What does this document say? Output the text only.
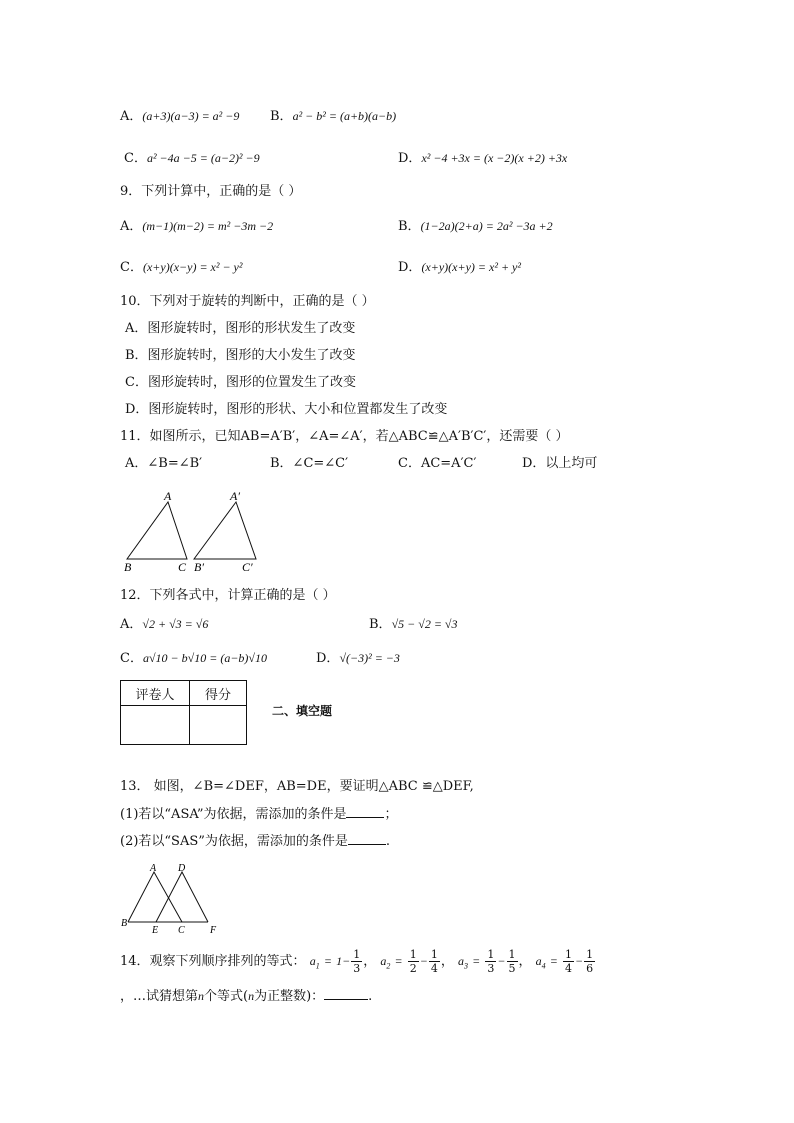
A．(a+3)(a−3) = a² −9 B．a² − b² = (a+b)(a−b)
C．a² −4a −5 = (a−2)² −9	D．x² −4 +3x = (x −2)(x +2) +3x
9．下列计算中，正确的是（ ）
A．(m−1)(m−2) = m² −3m −2	B．(1−2a)(2+a) = 2a² −3a +2
C．(x+y)(x−y) = x² − y²	D．(x+y)(x+y) = x² + y²
10．下列对于旋转的判断中，正确的是（ ）
A．图形旋转时，图形的形状发生了改变
B．图形旋转时，图形的大小发生了改变
C．图形旋转时，图形的位置发生了改变
D．图形旋转时，图形的形状、大小和位置都发生了改变
11．如图所示，已知AB=A′B′，∠A=∠A′，若△ABC≌△A′B′C′，还需要（ ）
A．∠B=∠B′	B．∠C=∠C′	C．AC=A′C′	D．以上均可
A
B	C
A′
B′	C′
12．下列各式中，计算正确的是（ ）
A．√2 + √3 = √6	B．√5 − √2 = √3
C．a√10 − b√10 = (a−b)√10	D．√(−3)² = −3
评卷人	得分

二、填空题
13． 如图，∠B=∠DEF，AB=DE，要证明△ABC ≌△DEF,
(1)若以“ASA”为依据，需添加的条件是	；
(2)若以“SAS”为依据，需添加的条件是	.
A D
B
E C	F
14．观察下列顺序排列的等式： $a_1 = 1- \frac{1}{3}$ ， $a_2 = \frac{1}{2} - \frac{1}{4}$ ， $a_3 = \frac{1}{3} - \frac{1}{5}$ ， $a_4 = \frac{1}{4} - \frac{1}{6}$
，…试猜想第n个等式(n为正整数)：	.
